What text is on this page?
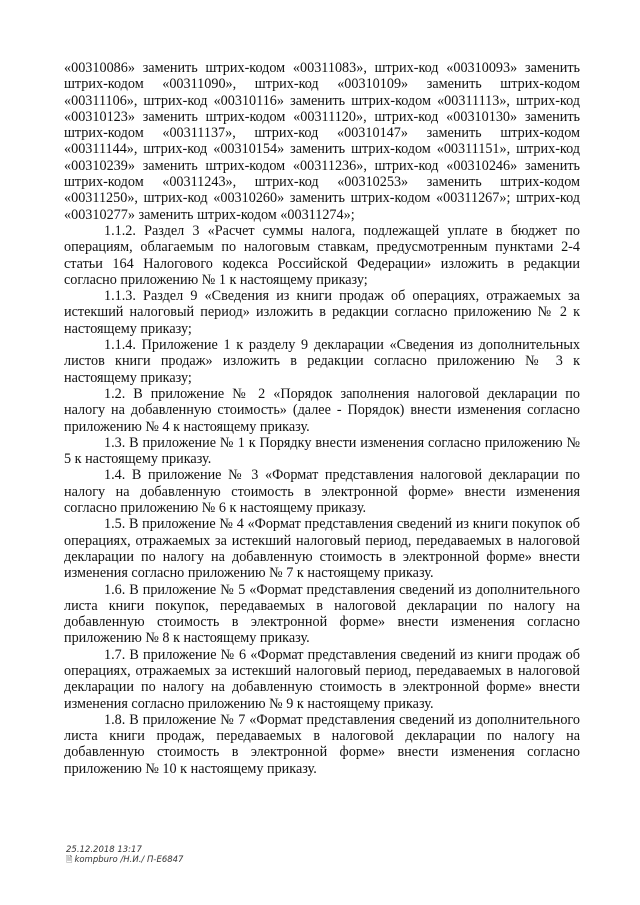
«00310086» заменить штрих-кодом «00311083», штрих-код «00310093» заменить штрих-кодом «00311090», штрих-код «00310109» заменить штрих-кодом «00311106», штрих-код «00310116» заменить штрих-кодом «00311113», штрих-код «00310123» заменить штрих-кодом «00311120», штрих-код «00310130» заменить штрих-кодом «00311137», штрих-код «00310147» заменить штрих-кодом «00311144», штрих-код «00310154» заменить штрих-кодом «00311151», штрих-код «00310239» заменить штрих-кодом «00311236», штрих-код «00310246» заменить штрих-кодом «00311243», штрих-код «00310253» заменить штрих-кодом «00311250», штрих-код «00310260» заменить штрих-кодом «00311267»; штрих-код «00310277» заменить штрих-кодом «00311274»;

1.1.2. Раздел 3 «Расчет суммы налога, подлежащей уплате в бюджет по операциям, облагаемым по налоговым ставкам, предусмотренным пунктами 2-4 статьи 164 Налогового кодекса Российской Федерации» изложить в редакции согласно приложению № 1 к настоящему приказу;

1.1.3. Раздел 9 «Сведения из книги продаж об операциях, отражаемых за истекший налоговый период» изложить в редакции согласно приложению № 2 к настоящему приказу;

1.1.4. Приложение 1 к разделу 9 декларации «Сведения из дополнительных листов книги продаж» изложить в редакции согласно приложению № 3 к настоящему приказу;

1.2. В приложение № 2 «Порядок заполнения налоговой декларации по налогу на добавленную стоимость» (далее - Порядок) внести изменения согласно приложению № 4 к настоящему приказу.

1.3. В приложение № 1 к Порядку внести изменения согласно приложению № 5 к настоящему приказу.

1.4. В приложение № 3 «Формат представления налоговой декларации по налогу на добавленную стоимость в электронной форме» внести изменения согласно приложению № 6 к настоящему приказу.

1.5. В приложение № 4 «Формат представления сведений из книги покупок об операциях, отражаемых за истекший налоговый период, передаваемых в налоговой декларации по налогу на добавленную стоимость в электронной форме» внести изменения согласно приложению № 7 к настоящему приказу.

1.6. В приложение № 5 «Формат представления сведений из дополнительного листа книги покупок, передаваемых в налоговой декларации по налогу на добавленную стоимость в электронной форме» внести изменения согласно приложению № 8 к настоящему приказу.

1.7. В приложение № 6 «Формат представления сведений из книги продаж об операциях, отражаемых за истекший налоговый период, передаваемых в налоговой декларации по налогу на добавленную стоимость в электронной форме» внести изменения согласно приложению № 9 к настоящему приказу.

1.8. В приложение № 7 «Формат представления сведений из дополнительного листа книги продаж, передаваемых в налоговой декларации по налогу на добавленную стоимость в электронной форме» внести изменения согласно приложению № 10 к настоящему приказу.

25.12.2018 13:17
🗎 kompburo /Н.И./ П-Е6847
